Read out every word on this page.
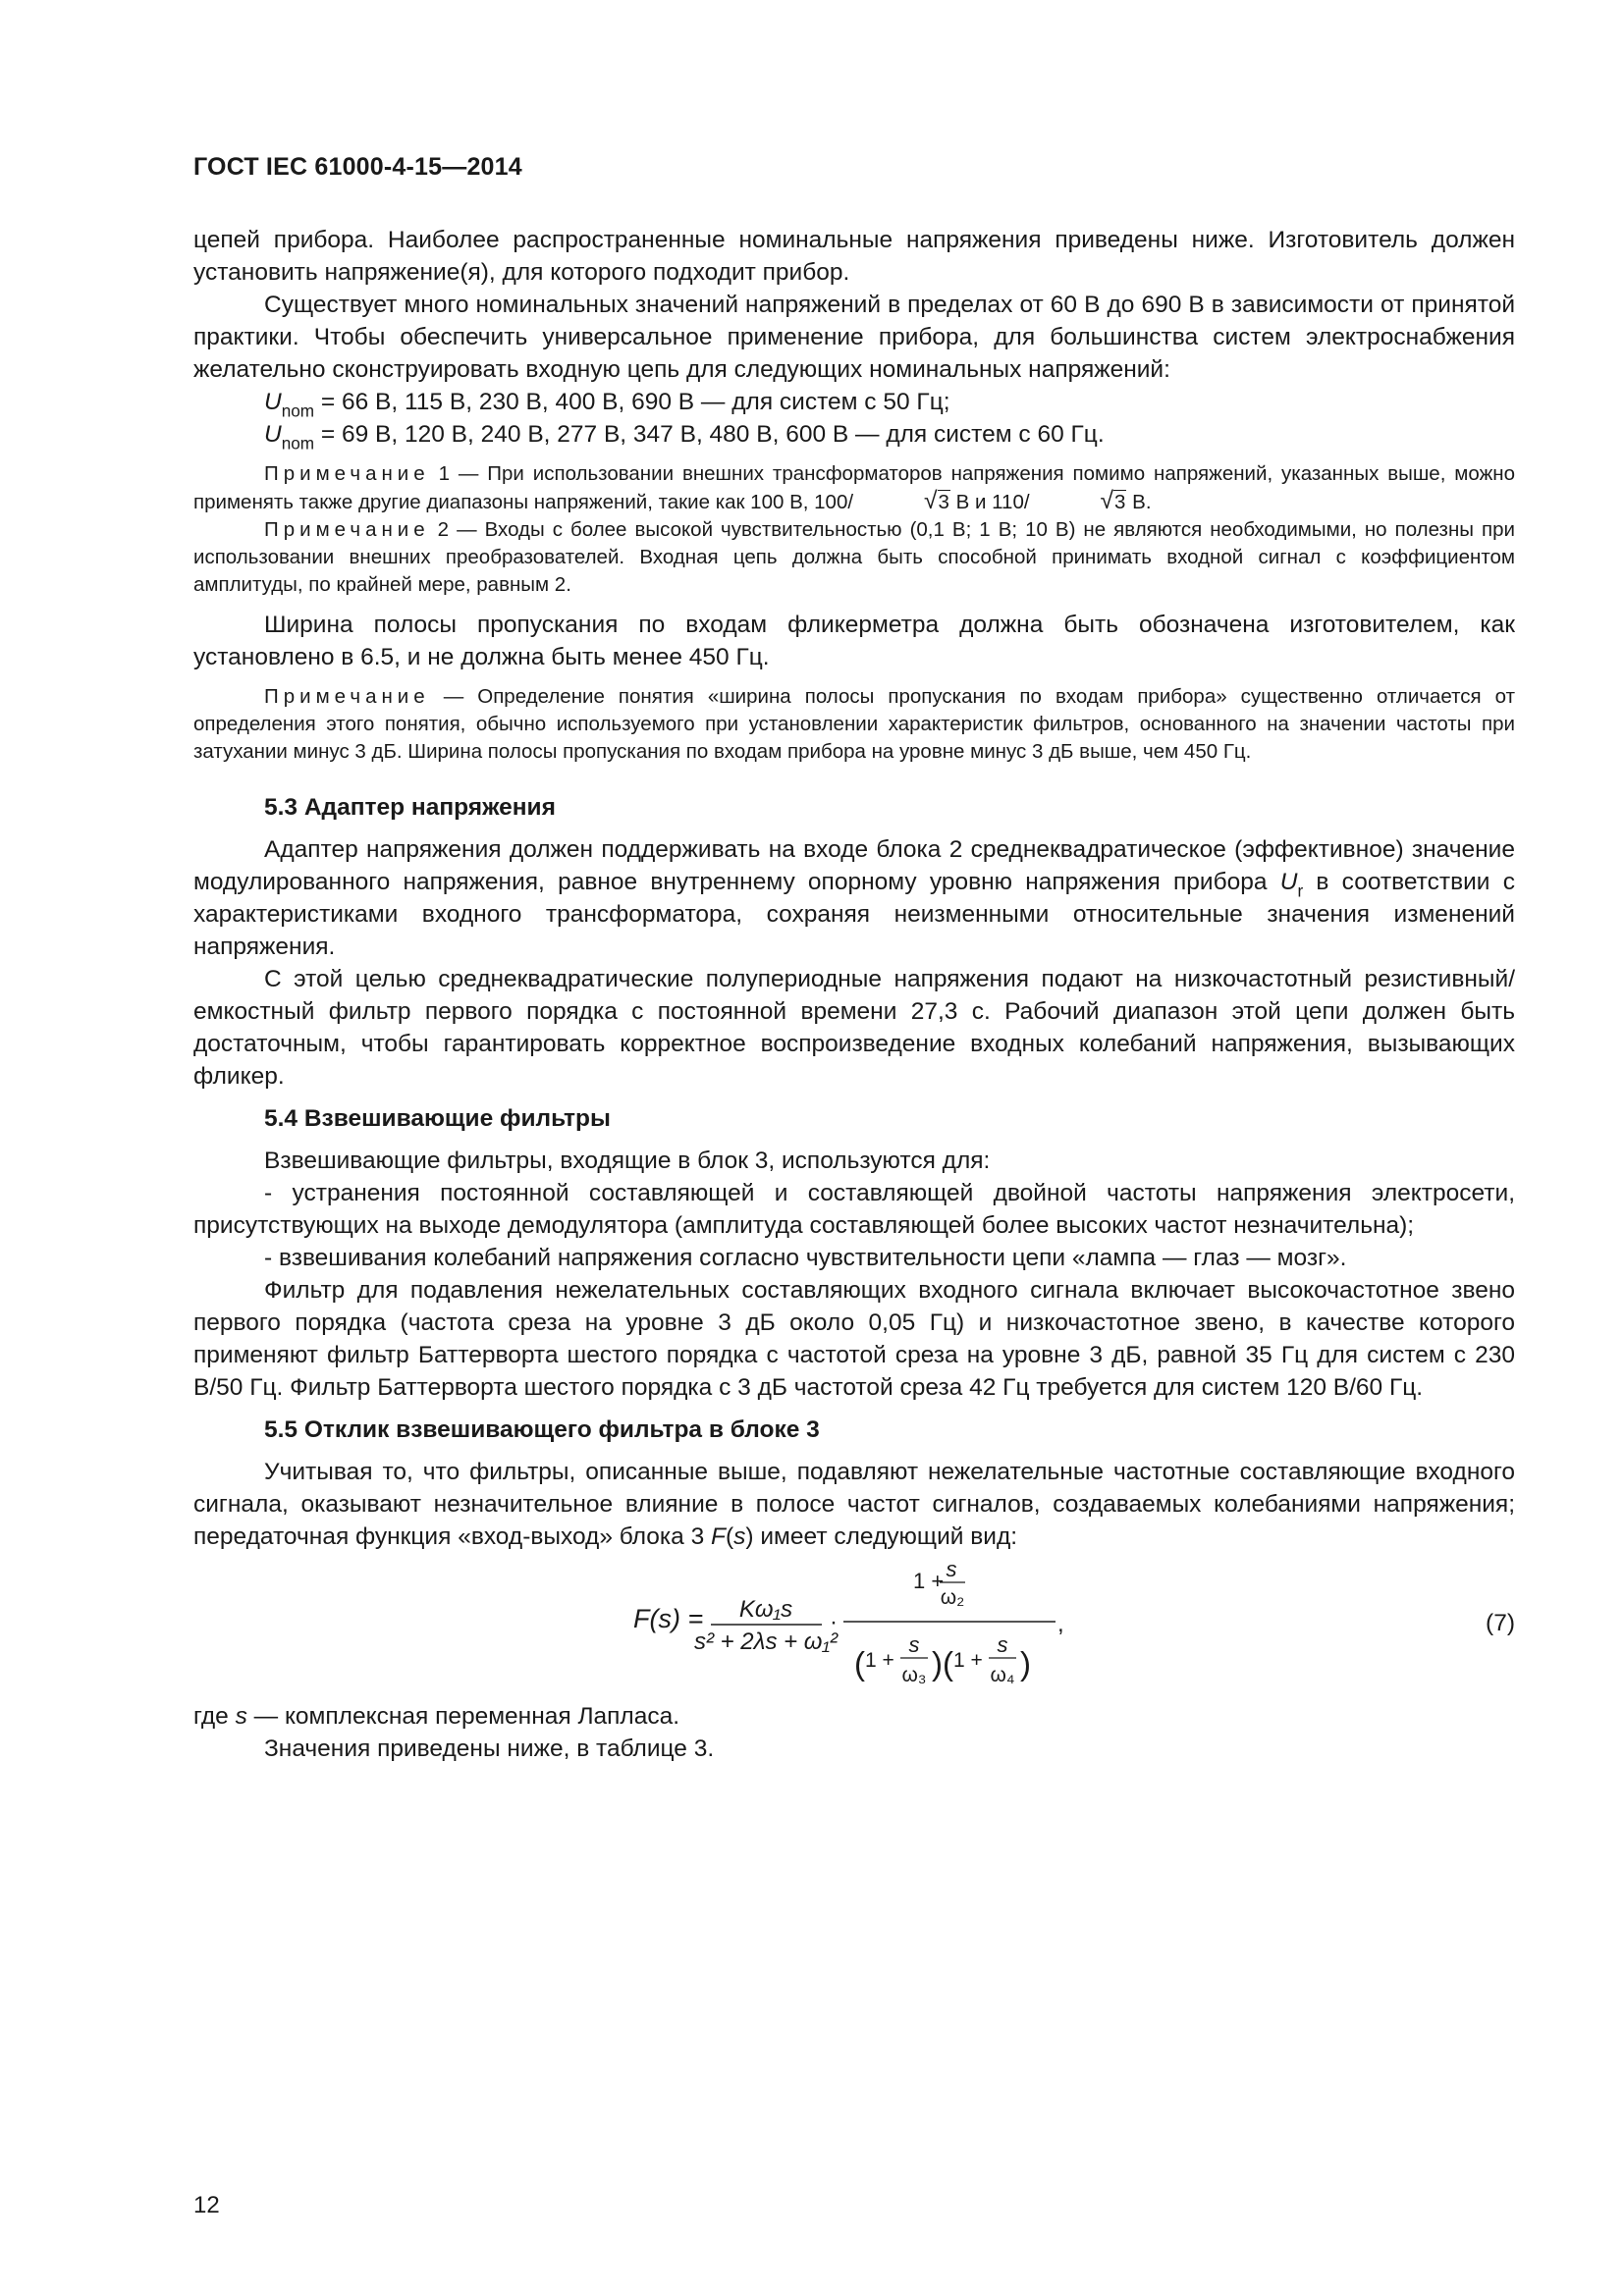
ГОСТ IEC 61000-4-15—2014

цепей прибора. Наиболее распространенные номинальные напряжения приведены ниже. Изготовитель должен установить напряжение(я), для которого подходит прибор.

Существует много номинальных значений напряжений в пределах от 60 В до 690 В в зависимости от принятой практики. Чтобы обеспечить универсальное применение прибора, для большинства систем электроснабжения желательно сконструировать входную цепь для следующих номинальных напряжений:

$U_{nom} = 66$ В, 115 В, 230 В, 400 В, 690 В — для систем с 50 Гц;

$U_{nom} = 69$ В, 120 В, 240 В, 277 В, 347 В, 480 В, 600 В — для систем с 60 Гц.

Примечание 1 — При использовании внешних трансформаторов напряжения помимо напряжений, указанных выше, можно применять также другие диапазоны напряжений, такие как 100 В, 100/	√3 В и 110/	√3 В.

Примечание 2 — Входы с более высокой чувствительностью (0,1 В; 1 В; 10 В) не являются необходимыми, но полезны при использовании внешних преобразователей. Входная цепь должна быть способной принимать входной сигнал с коэффициентом амплитуды, по крайней мере, равным 2.

Ширина полосы пропускания по входам фликерметра должна быть обозначена изготовителем, как установлено в 6.5, и не должна быть менее 450 Гц.

Примечание — Определение понятия «ширина полосы пропускания по входам прибора» существенно отличается от определения этого понятия, обычно используемого при установлении характеристик фильтров, основанного на значении частоты при затухании минус 3 дБ. Ширина полосы пропускания по входам прибора на уровне минус 3 дБ выше, чем 450 Гц.

5.3 Адаптер напряжения

Адаптер напряжения должен поддерживать на входе блока 2 среднеквадратическое (эффективное) значение модулированного напряжения, равное внутреннему опорному уровню напряжения прибора $U_r$ в соответствии с характеристиками входного трансформатора, сохраняя неизменными относительные значения изменений напряжения.

С этой целью среднеквадратические полупериодные напряжения подают на низкочастотный резистивный/емкостный фильтр первого порядка с постоянной времени 27,3 с. Рабочий диапазон этой цепи должен быть достаточным, чтобы гарантировать корректное воспроизведение входных колебаний напряжения, вызывающих фликер.

5.4 Взвешивающие фильтры

Взвешивающие фильтры, входящие в блок 3, используются для:

- устранения постоянной составляющей и составляющей двойной частоты напряжения электросети, присутствующих на выходе демодулятора (амплитуда составляющей более высоких частот незначительна);

- взвешивания колебаний напряжения согласно чувствительности цепи «лампа — глаз — мозг».

Фильтр для подавления нежелательных составляющих входного сигнала включает высокочастотное звено первого порядка (частота среза на уровне 3 дБ около 0,05 Гц) и низкочастотное звено, в качестве которого применяют фильтр Баттерворта шестого порядка с частотой среза на уровне 3 дБ, равной 35 Гц для систем с 230 В/50 Гц. Фильтр Баттерворта шестого порядка с 3 дБ частотой среза 42 Гц требуется для систем 120 В/60 Гц.

5.5 Отклик взвешивающего фильтра в блоке 3

Учитывая то, что фильтры, описанные выше, подавляют нежелательные частотные составляющие входного сигнала, оказывают незначительное влияние в полосе частот сигналов, создаваемых колебаниями напряжения; передаточная функция «вход-выход» блока 3 F(s) имеет следующий вид:

F(s) = Kω₁s
s² + 2λs + ω₁²
·
1 + s
ω₂
( 1 +
s
ω₃ ) ( 1 +
s
ω₄ )
,	(7)

где s — комплексная переменная Лапласа.

Значения приведены ниже, в таблице 3.

12
